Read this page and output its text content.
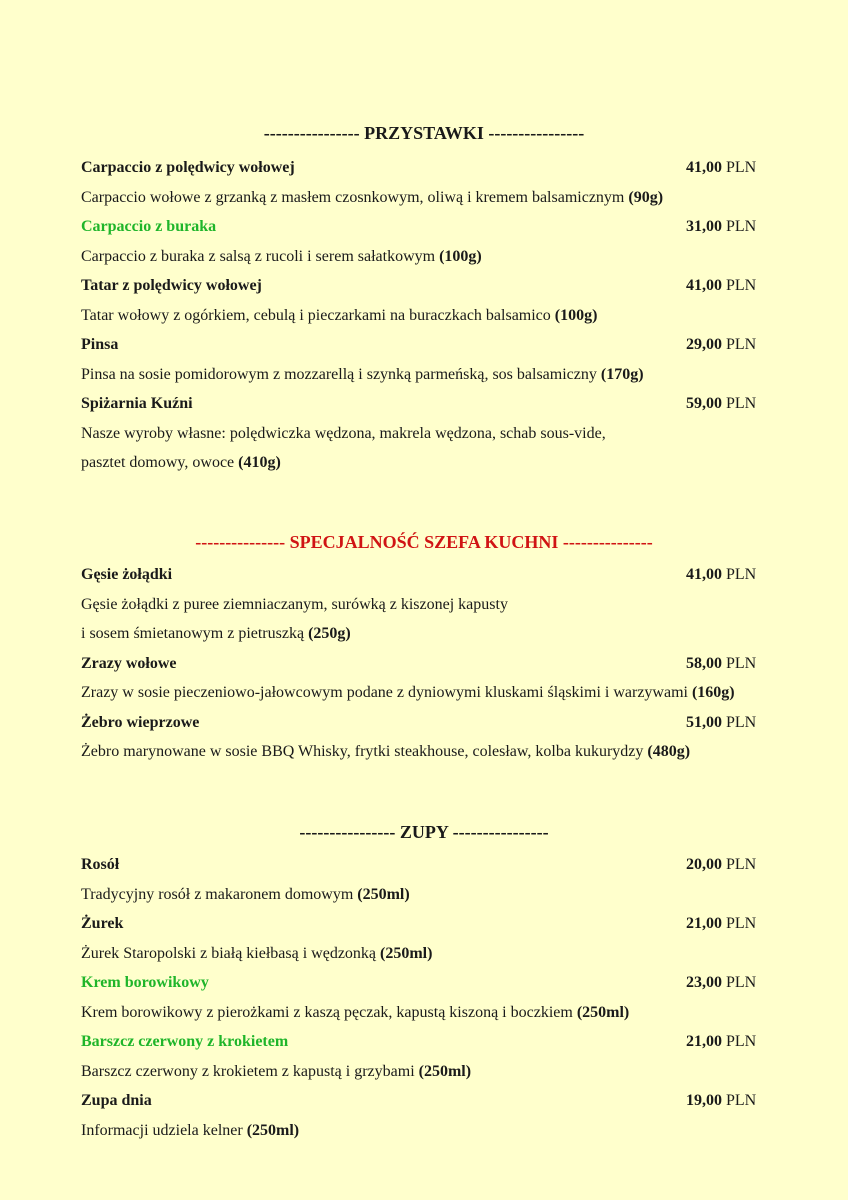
---------------- PRZYSTAWKI ----------------
Carpaccio z polędwicy wołowej	41,00 PLN
Carpaccio wołowe z grzanką z masłem czosnkowym, oliwą i kremem balsamicznym (90g)
Carpaccio z buraka	31,00 PLN
Carpaccio z buraka z salsą z rucoli i serem sałatkowym (100g)
Tatar z polędwicy wołowej	41,00 PLN
Tatar wołowy z ogórkiem, cebulą i pieczarkami na buraczkach balsamico (100g)
Pinsa	29,00 PLN
Pinsa na sosie pomidorowym z mozzarellą i szynką parmeńską, sos balsamiczny (170g)
Spiżarnia Kuźni	59,00 PLN
Nasze wyroby własne: polędwiczka wędzona, makrela wędzona, schab sous-vide,
pasztet domowy, owoce (410g)
--------------- SPECJALNOŚĆ SZEFA KUCHNI ---------------
Gęsie żołądki	41,00 PLN
Gęsie żołądki z puree ziemniaczanym, surówką z kiszonej kapusty
i sosem śmietanowym z pietruszką (250g)
Zrazy wołowe	58,00 PLN
Zrazy w sosie pieczeniowo-jałowcowym podane z dyniowymi kluskami śląskimi i warzywami (160g)
Żebro wieprzowe	51,00 PLN
Żebro marynowane w sosie BBQ Whisky, frytki steakhouse, colesław, kolba kukurydzy (480g)
---------------- ZUPY ----------------
Rosół	20,00 PLN
Tradycyjny rosół z makaronem domowym (250ml)
Żurek	21,00 PLN
Żurek Staropolski z białą kiełbasą i wędzonką (250ml)
Krem borowikowy	23,00 PLN
Krem borowikowy z pierożkami z kaszą pęczak, kapustą kiszoną i boczkiem (250ml)
Barszcz czerwony z krokietem	21,00 PLN
Barszcz czerwony z krokietem z kapustą i grzybami (250ml)
Zupa dnia	19,00 PLN
Informacji udziela kelner (250ml)
